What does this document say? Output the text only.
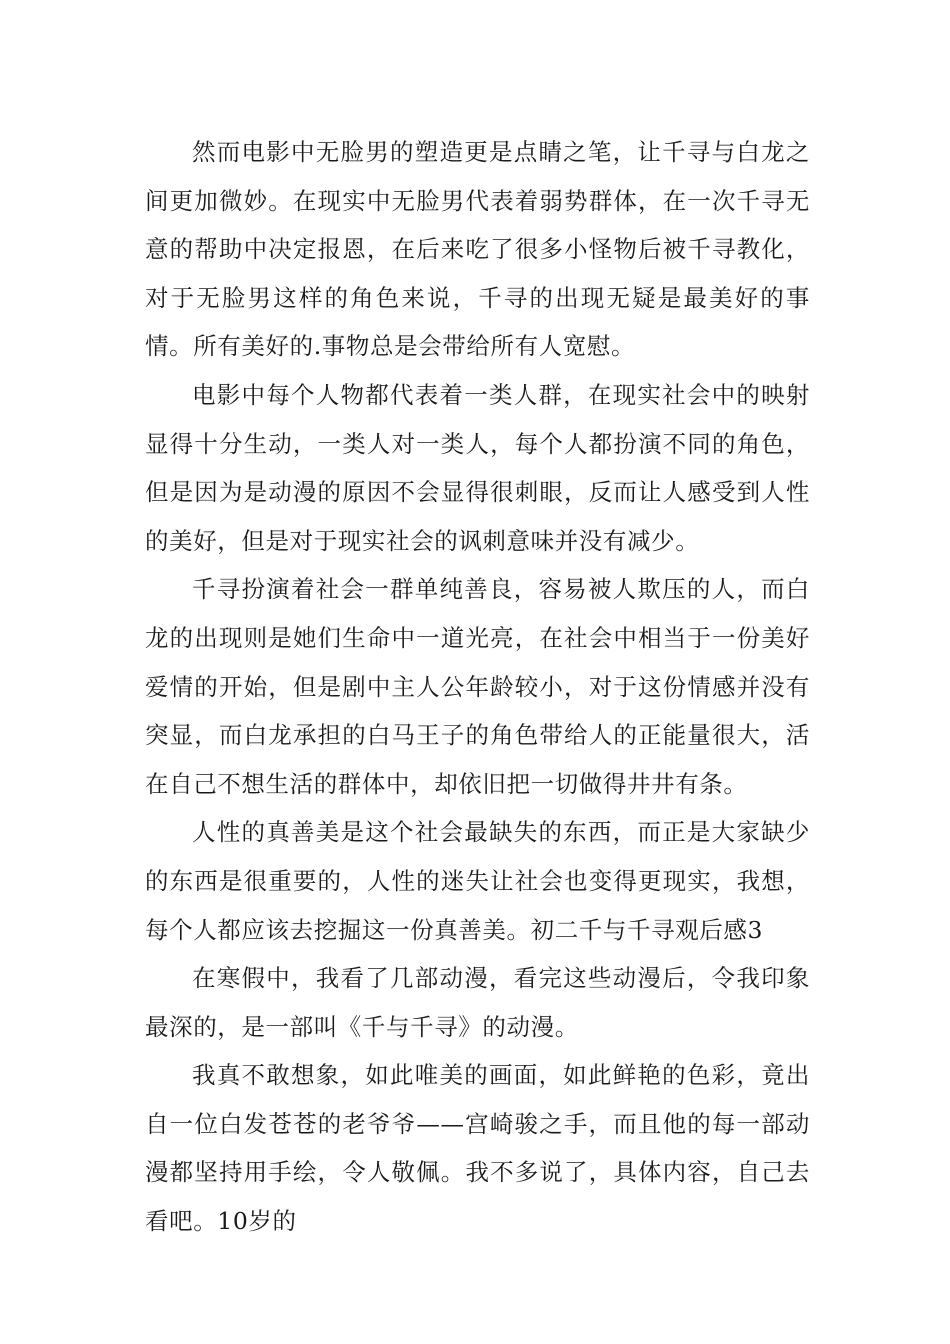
然而电影中无脸男的塑造更是点睛之笔，让千寻与白龙之间更加微妙。在现实中无脸男代表着弱势群体，在一次千寻无意的帮助中决定报恩，在后来吃了很多小怪物后被千寻教化，对于无脸男这样的角色来说，千寻的出现无疑是最美好的事情。所有美好的.事物总是会带给所有人宽慰。

电影中每个人物都代表着一类人群，在现实社会中的映射显得十分生动，一类人对一类人，每个人都扮演不同的角色，但是因为是动漫的原因不会显得很刺眼，反而让人感受到人性的美好，但是对于现实社会的讽刺意味并没有减少。

千寻扮演着社会一群单纯善良，容易被人欺压的人，而白龙的出现则是她们生命中一道光亮，在社会中相当于一份美好爱情的开始，但是剧中主人公年龄较小，对于这份情感并没有突显，而白龙承担的白马王子的角色带给人的正能量很大，活在自己不想生活的群体中，却依旧把一切做得井井有条。

人性的真善美是这个社会最缺失的东西，而正是大家缺少的东西是很重要的，人性的迷失让社会也变得更现实，我想，每个人都应该去挖掘这一份真善美。初二千与千寻观后感3

在寒假中，我看了几部动漫，看完这些动漫后，令我印象最深的，是一部叫《千与千寻》的动漫。

我真不敢想象，如此唯美的画面，如此鲜艳的色彩，竟出自一位白发苍苍的老爷爷——宫崎骏之手，而且他的每一部动漫都坚持用手绘，令人敬佩。我不多说了，具体内容，自己去看吧。10岁的
